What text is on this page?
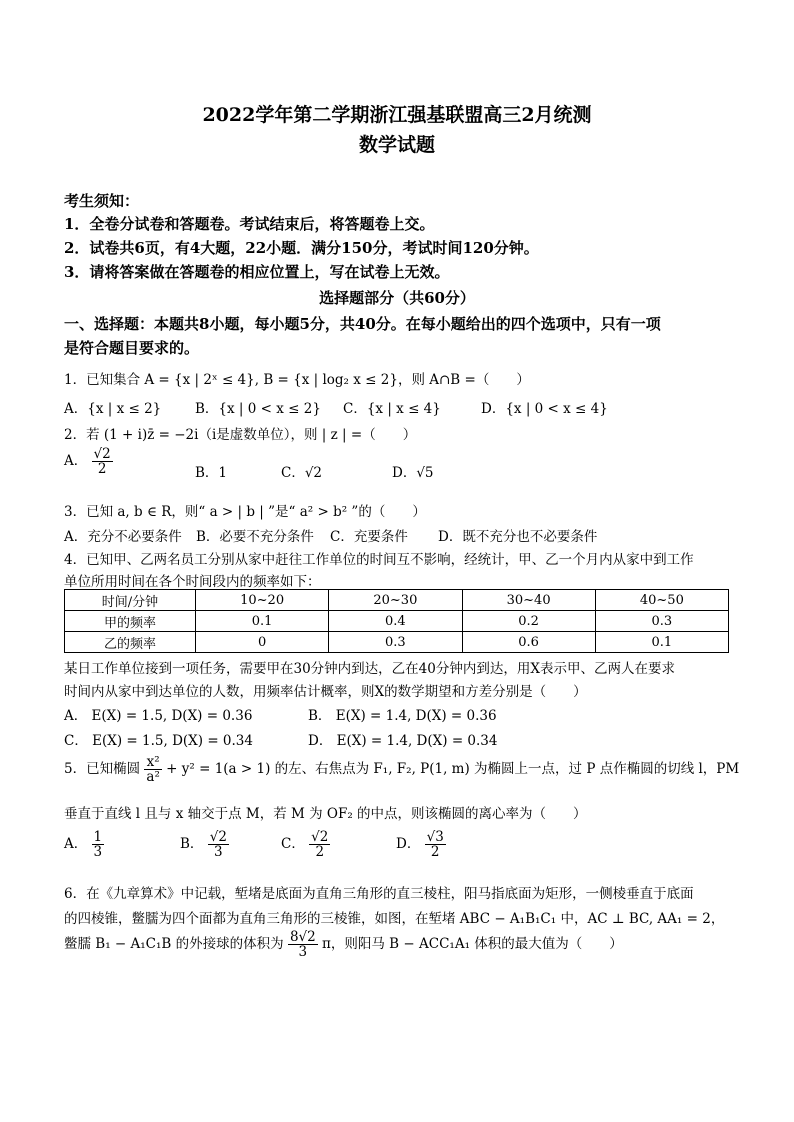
2022学年第二学期浙江强基联盟高三2月统测
数学试题
考生须知：
1．全卷分试卷和答题卷。考试结束后，将答题卷上交。
2．试卷共6页，有4大题，22小题．满分150分，考试时间120分钟。
3．请将答案做在答题卷的相应位置上，写在试卷上无效。
选择题部分（共60分）
一、选择题：本题共8小题，每小题5分，共40分。在每小题给出的四个选项中，只有一项
是符合题目要求的。
1．已知集合 A = {x | 2ˣ ≤ 4}, B = {x | log₂ x ≤ 2}，则 A∩B =（　　）
A．{x | x ≤ 2} B．{x | 0 < x ≤ 2} C．{x | x ≤ 4}	D．{x | 0 < x ≤ 4}
2．若 (1 + i)z̄ = −2i（i是虚数单位），则 | z | =（　　）
A． $\frac{√2}{2}$	B．1	C．√2	D．√5
3．已知 a, b ∈ R，则“ a > | b | ”是“ a² > b² ”的（　　）
A．充分不必要条件 B．必要不充分条件 C．充要条件 D．既不充分也不必要条件
4．已知甲、乙两名员工分别从家中赶往工作单位的时间互不影响，经统计，甲、乙一个月内从家中到工作
单位所用时间在各个时间段内的频率如下：
时间/分钟	10~20	20~30	30~40	40~50
甲的频率	0.1	0.4	0.2	0.3
乙的频率	0	0.3	0.6	0.1
某日工作单位接到一项任务，需要甲在30分钟内到达，乙在40分钟内到达，用X表示甲、乙两人在要求
时间内从家中到达单位的人数，用频率估计概率，则X的数学期望和方差分别是（　　）
A． E(X) = 1.5, D(X) = 0.36	B． E(X) = 1.4, D(X) = 0.36
C． E(X) = 1.5, D(X) = 0.34	D． E(X) = 1.4, D(X) = 0.34
5．已知椭圆 $\frac{\text{x²}}{\text{a²}} + y^2 = 1(a > 1)$ 的左、右焦点为 F₁, F₂, P(1, m) 为椭圆上一点，过 P 点作椭圆的切线 l，PM
垂直于直线 l 且与 x 轴交于点 M，若 M 为 OF₂ 的中点，则该椭圆的离心率为（　　）
A． $\frac{1}{3}$	B． $\frac{√2}{3}$	C． $\frac{√2}{2}$	D． $\frac{√3}{2}$
6．在《九章算术》中记载，堑堵是底面为直角三角形的直三棱柱，阳马指底面为矩形，一侧棱垂直于底面
的四棱锥，鳖臑为四个面都为直角三角形的三棱锥，如图，在堑堵 ABC − A₁B₁C₁ 中，AC ⊥ BC, AA₁ = 2，
鳖臑 B₁ − A₁C₁B 的外接球的体积为 $\frac{8√2}{3}$ π，则阳马 B − ACC₁A₁ 体积的最大值为（　　）
